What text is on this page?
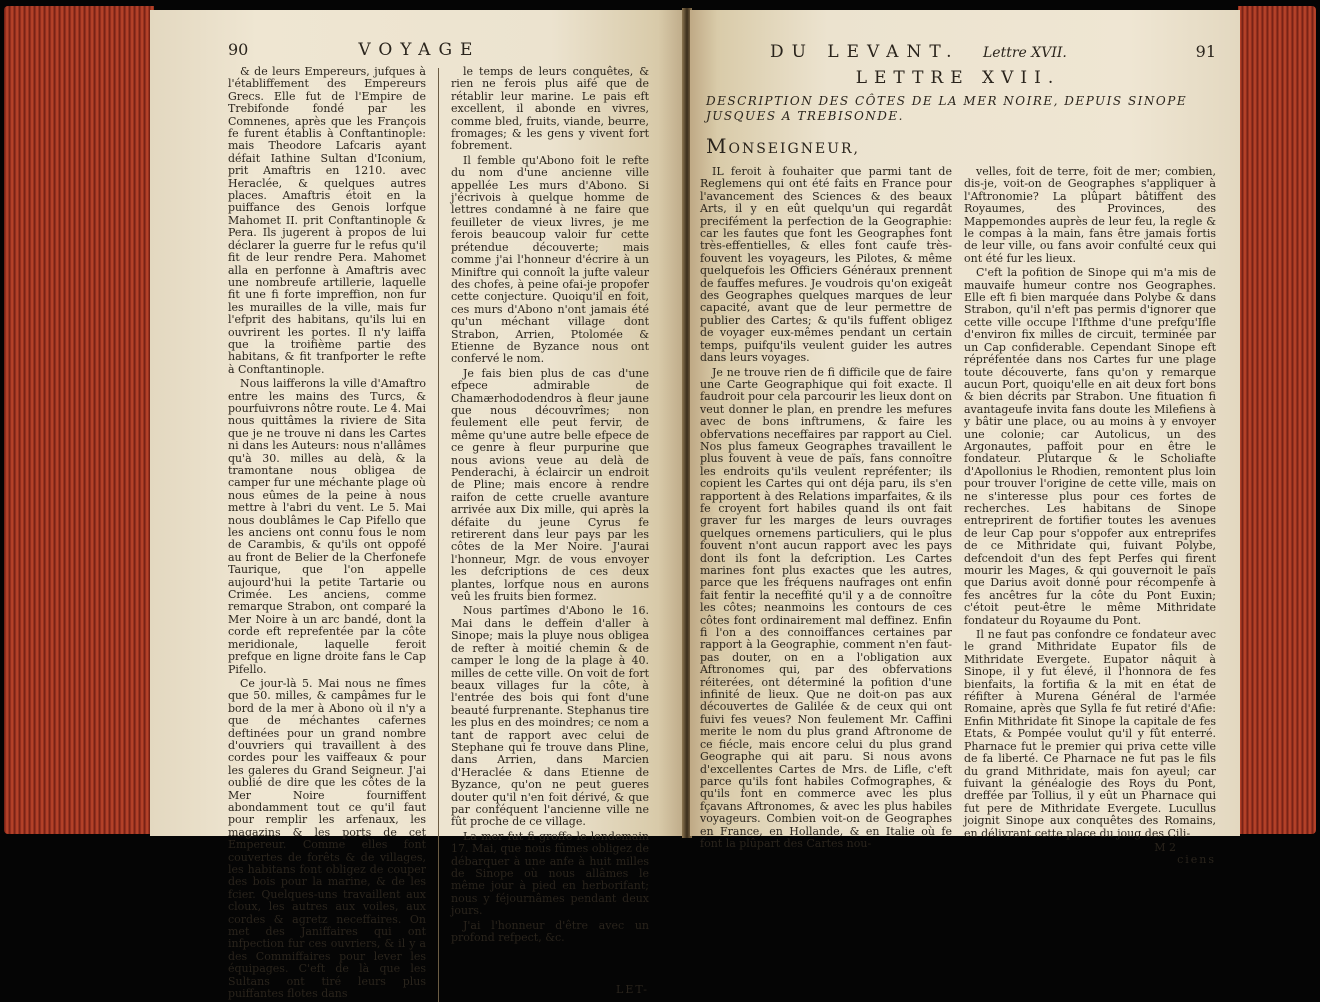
90	VOYAGE

& de leurs Empereurs, jufques à l'établiffement des Empereurs Grecs. Elle fut de l'Empire de Trebifonde fondé par les Comnenes, après que les François fe furent établis à Conftantinople: mais Theodore Lafcaris ayant défait Iathine Sultan d'Iconium, prit Amaftris en 1210. avec Heraclée, & quelques autres places. Amaftris étoit en la puiffance des Genois lorfque Mahomet II. prit Conftantinople & Pera. Ils jugerent à propos de lui déclarer la guerre fur le refus qu'il fit de leur rendre Pera. Mahomet alla en perfonne à Amaftris avec une nombreufe artillerie, laquelle fit une fi forte impreffion, non fur les murailles de la ville, mais fur l'efprit des habitans, qu'ils lui en ouvrirent les portes. Il n'y laiffa que la troifième partie des habitans, & fit tranfporter le refte à Conftantinople.

Nous laifferons la ville d'Amaftro entre les mains des Turcs, & pourfuivrons nôtre route. Le 4. Mai nous quittâmes la riviere de Sita que je ne trouve ni dans les Cartes ni dans les Auteurs: nous n'allâmes qu'à 30. milles au delà, & la tramontane nous obligea de camper fur une méchante plage où nous eûmes de la peine à nous mettre à l'abri du vent. Le 5. Mai nous doublâmes le Cap Pifello que les anciens ont connu fous le nom de Carambis, & qu'ils ont oppofé au front de Belier de la Cherfonefe Taurique, que l'on appelle aujourd'hui la petite Tartarie ou Crimée. Les anciens, comme remarque Strabon, ont comparé la Mer Noire à un arc bandé, dont la corde eft reprefentée par la côte meridionale, laquelle feroit prefque en ligne droite fans le Cap Pifello.

Ce jour-là 5. Mai nous ne fîmes que 50. milles, & campâmes fur le bord de la mer à Abono où il n'y a que de méchantes cafernes deftinées pour un grand nombre d'ouvriers qui travaillent à des cordes pour les vaiffeaux & pour les galeres du Grand Seigneur. J'ai oublié de dire que les côtes de la Mer Noire fourniffent abondamment tout ce qu'il faut pour remplir les arfenaux, les magazins & les ports de cet Empereur. Comme elles font couvertes de forêts & de villages, les habitans font obligez de couper des bois pour la marine, & de les fcier. Quelques-uns travaillent aux cloux, les autres aux voiles, aux cordes & agretz neceffaires. On met des Janiffaires qui ont infpection fur ces ouvriers, & il y a des Commiffaires pour lever les équipages. C'eft de là que les Sultans ont tiré leurs plus puiffantes flotes dans

le temps de leurs conquêtes, & rien ne ferois plus aifé que de rétablir leur marine. Le pais eft excellent, il abonde en vivres, comme bled, fruits, viande, beurre, fromages; & les gens y vivent fort fobrement.

Il femble qu'Abono foit le refte du nom d'une ancienne ville appellée Les murs d'Abono. Si j'écrivois à quelque homme de lettres condamné à ne faire que feuilleter de vieux livres, je me ferois beaucoup valoir fur cette prétendue découverte; mais comme j'ai l'honneur d'écrire à un Miniftre qui connoît la jufte valeur des chofes, à peine ofai-je propofer cette conjecture. Quoiqu'il en foit, ces murs d'Abono n'ont jamais été qu'un méchant village dont Strabon, Arrien, Ptolomée & Etienne de Byzance nous ont confervé le nom.

Je fais bien plus de cas d'une efpece admirable de Chamærhododendros à fleur jaune que nous découvrîmes; non feulement elle peut fervir, de même qu'une autre belle efpece de ce genre à fleur purpurine que nous avions veue au delà de Penderachi, à éclaircir un endroit de Pline; mais encore à rendre raifon de cette cruelle avanture arrivée aux Dix mille, qui après la défaite du jeune Cyrus fe retirerent dans leur pays par les côtes de la Mer Noire. J'aurai l'honneur, Mgr. de vous envoyer les defcriptions de ces deux plantes, lorfque nous en aurons veû les fruits bien formez.

Nous partîmes d'Abono le 16. Mai dans le deffein d'aller à Sinope; mais la pluye nous obligea de refter à moitié chemin & de camper le long de la plage à 40. milles de cette ville. On voit de fort beaux villages fur la côte, à l'entrée des bois qui font d'une beauté furprenante. Stephanus tire les plus en des moindres; ce nom a tant de rapport avec celui de Stephane qui fe trouve dans Pline, dans Arrien, dans Marcien d'Heraclée & dans Etienne de Byzance, qu'on ne peut gueres douter qu'il n'en foit dérivé, & que par conféquent l'ancienne ville ne fût proche de ce village.

La mer fut fi groffe le lendemain 17. Mai, que nous fûmes obligez de débarquer à une anfe à huit milles de Sinope où nous allâmes le même jour à pied en herborifant; nous y féjournâmes pendant deux jours.

J'ai l'honneur d'être avec un profond refpect, &c.

LET-
DU LEVANT. Lettre XVII.	91
LETTRE XVII.
DESCRIPTION DES CÔTES DE LA MER NOIRE, DEPUIS SINOPE JUSQUES A TREBISONDE.
MONSEIGNEUR,

IL feroit à fouhaiter que parmi tant de Reglemens qui ont été faits en France pour l'avancement des Sciences & des beaux Arts, il y en eût quelqu'un qui regardât precifément la perfection de la Geographie: car les fautes que font les Geographes font très-effentielles, & elles font caufe très-fouvent les voyageurs, les Pilotes, & même quelquefois les Officiers Généraux prennent de fauffes mefures. Je voudrois qu'on exigeât des Geographes quelques marques de leur capacité, avant que de leur permettre de publier des Cartes; & qu'ils fuffent obligez de voyager eux-mêmes pendant un certain temps, puifqu'ils veulent guider les autres dans leurs voyages.

Je ne trouve rien de fi difficile que de faire une Carte Geographique qui foit exacte. Il faudroit pour cela parcourir les lieux dont on veut donner le plan, en prendre les mefures avec de bons inftrumens, & faire les obfervations neceffaires par rapport au Ciel. Nos plus fameux Geographes travaillent le plus fouvent à veue de païs, fans connoître les endroits qu'ils veulent repréfenter; ils copient les Cartes qui ont déja paru, ils s'en rapportent à des Relations imparfaites, & ils fe croyent fort habiles quand ils ont fait graver fur les marges de leurs ouvrages quelques ornemens particuliers, qui le plus fouvent n'ont aucun rapport avec les pays dont ils font la defcription. Les Cartes marines font plus exactes que les autres, parce que les fréquens naufrages ont enfin fait fentir la neceffité qu'il y a de connoître les côtes; neanmoins les contours de ces côtes font ordinairement mal deffinez. Enfin fi l'on a des connoiffances certaines par rapport à la Geographie, comment n'en faut-pas douter, on en a l'obligation aux Aftronomes qui, par des obfervations réiterées, ont déterminé la pofition d'une infinité de lieux. Que ne doit-on pas aux découvertes de Galilée & de ceux qui ont fuivi fes veues? Non feulement Mr. Caffini merite le nom du plus grand Aftronome de ce fiécle, mais encore celui du plus grand Geographe qui ait paru. Si nous avons d'excellentes Cartes de Mrs. de Lifle, c'eft parce qu'ils font habiles Cofmographes, & qu'ils font en commerce avec les plus fçavans Aftronomes, & avec les plus habiles voyageurs. Combien voit-on de Geographes en France, en Hollande, & en Italie où fe font la plûpart des Cartes nou-

velles, foit de terre, foit de mer; combien, dis-je, voit-on de Geographes s'appliquer à l'Aftronomie? La plûpart bâtiffent des Royaumes, des Provinces, des Mappemondes auprès de leur feu, la regle & le compas à la main, fans être jamais fortis de leur ville, ou fans avoir confulté ceux qui ont été fur les lieux.

C'eft la pofition de Sinope qui m'a mis de mauvaife humeur contre nos Geographes. Elle eft fi bien marquée dans Polybe & dans Strabon, qu'il n'eft pas permis d'ignorer que cette ville occupe l'Ifthme d'une prefqu'Ifle d'environ fix milles de circuit, terminée par un Cap confiderable. Cependant Sinope eft répréfentée dans nos Cartes fur une plage toute découverte, fans qu'on y remarque aucun Port, quoiqu'elle en ait deux fort bons & bien décrits par Strabon. Une fituation fi avantageufe invita fans doute les Milefiens à y bâtir une place, ou au moins à y envoyer une colonie; car Autolicus, un des Argonautes, paffoit pour en être le fondateur. Plutarque & le Scholiafte d'Apollonius le Rhodien, remontent plus loin pour trouver l'origine de cette ville, mais on ne s'interesse plus pour ces fortes de recherches. Les habitans de Sinope entreprirent de fortifier toutes les avenues de leur Cap pour s'oppofer aux entreprifes de ce Mithridate qui, fuivant Polybe, defcendoit d'un des fept Perfes qui firent mourir les Mages, & qui gouvernoit le païs que Darius avoit donné pour récompenfe à fes ancêtres fur la côte du Pont Euxin; c'étoit peut-être le même Mithridate fondateur du Royaume du Pont.

Il ne faut pas confondre ce fondateur avec le grand Mithridate Eupator fils de Mithridate Evergete. Eupator nâquit à Sinope, il y fut élevé, il l'honnora de fes bienfaits, la fortifia & la mit en état de réfifter à Murena Général de l'armée Romaine, après que Sylla fe fut retiré d'Afie: Enfin Mithridate fit Sinope la capitale de fes Etats, & Pompée voulut qu'il y fût enterré. Pharnace fut le premier qui priva cette ville de fa liberté. Ce Pharnace ne fut pas le fils du grand Mithridate, mais fon ayeul; car fuivant la généalogie des Roys du Pont, dreffée par Tollius, il y eût un Pharnace qui fut pere de Mithridate Evergete. Lucullus joignit Sinope aux conquêtes des Romains, en délivrant cette place du joug des Cili-

M 2
ciens
